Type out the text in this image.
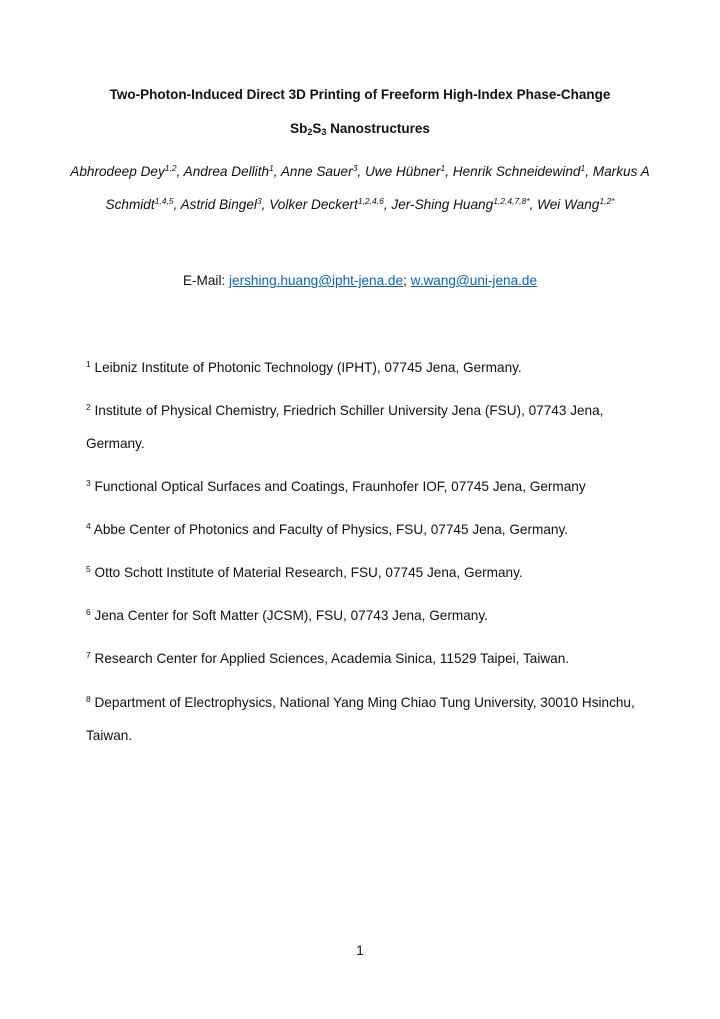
Two-Photon-Induced Direct 3D Printing of Freeform High-Index Phase-Change
$Sb_2S_3$ Nanostructures
Abhrodeep Dey$^{1,2}$, Andrea Dellith$^1$, Anne Sauer$^3$, Uwe Hübner$^1$, Henrik Schneidewind$^1$, Markus A Schmidt$^{1,4,5}$, Astrid Bingel$^3$, Volker Deckert$^{1,2,4,6}$, Jer-Shing Huang$^{1,2,4,7,8*}$, Wei Wang$^{1,2*}$
E-Mail: jershing.huang@ipht-jena.de; w.wang@uni-jena.de
$^1$ Leibniz Institute of Photonic Technology (IPHT), 07745 Jena, Germany.
$^2$ Institute of Physical Chemistry, Friedrich Schiller University Jena (FSU), 07743 Jena, Germany.
$^3$ Functional Optical Surfaces and Coatings, Fraunhofer IOF, 07745 Jena, Germany
$^4$ Abbe Center of Photonics and Faculty of Physics, FSU, 07745 Jena, Germany.
$^5$ Otto Schott Institute of Material Research, FSU, 07745 Jena, Germany.
$^6$ Jena Center for Soft Matter (JCSM), FSU, 07743 Jena, Germany.
$^7$ Research Center for Applied Sciences, Academia Sinica, 11529 Taipei, Taiwan.
$^8$ Department of Electrophysics, National Yang Ming Chiao Tung University, 30010 Hsinchu, Taiwan.
1
